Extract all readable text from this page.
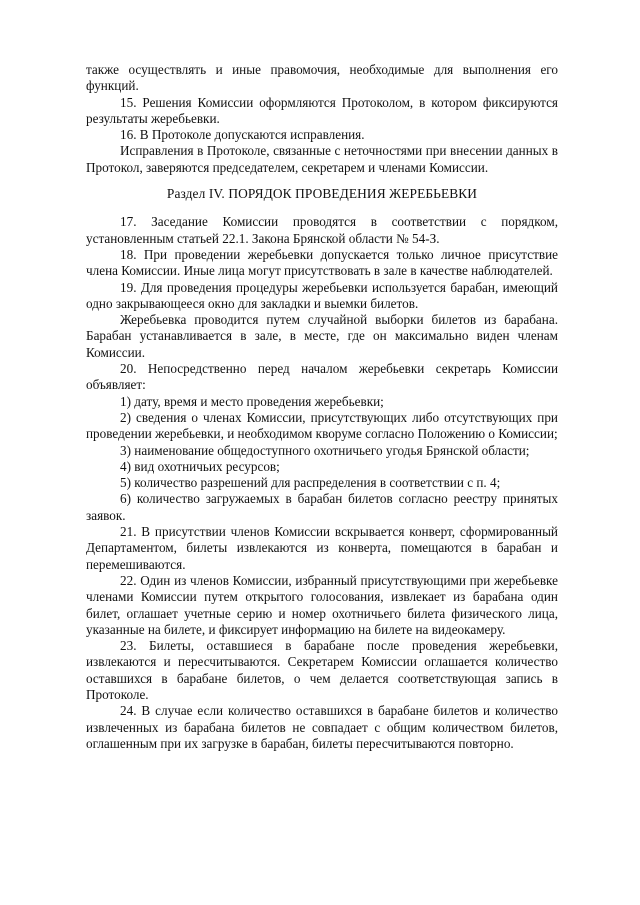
также осуществлять и иные правомочия, необходимые для выполнения его функций.

15. Решения Комиссии оформляются Протоколом, в котором фиксируются результаты жеребьевки.

16. В Протоколе допускаются исправления.

Исправления в Протоколе, связанные с неточностями при внесении данных в Протокол, заверяются председателем, секретарем и членами Комиссии.

Раздел IV. ПОРЯДОК ПРОВЕДЕНИЯ ЖЕРЕБЬЕВКИ

17. Заседание Комиссии проводятся в соответствии с порядком, установленным статьей 22.1. Закона Брянской области № 54-З.

18. При проведении жеребьевки допускается только личное присутствие члена Комиссии. Иные лица могут присутствовать в зале в качестве наблюдателей.

19. Для проведения процедуры жеребьевки используется барабан, имеющий одно закрывающееся окно для закладки и выемки билетов.

Жеребьевка проводится путем случайной выборки билетов из барабана. Барабан устанавливается в зале, в месте, где он максимально виден членам Комиссии.

20. Непосредственно перед началом жеребьевки секретарь Комиссии объявляет:

1) дату, время и место проведения жеребьевки;

2) сведения о членах Комиссии, присутствующих либо отсутствующих при проведении жеребьевки, и необходимом кворуме согласно Положению о Комиссии;

3) наименование общедоступного охотничьего угодья Брянской области;

4) вид охотничьих ресурсов;

5) количество разрешений для распределения в соответствии с п. 4;

6) количество загружаемых в барабан билетов согласно реестру принятых заявок.

21. В присутствии членов Комиссии вскрывается конверт, сформированный Департаментом, билеты извлекаются из конверта, помещаются в барабан и перемешиваются.

22. Один из членов Комиссии, избранный присутствующими при жеребьевке членами Комиссии путем открытого голосования, извлекает из барабана один билет, оглашает учетные серию и номер охотничьего билета физического лица, указанные на билете, и фиксирует информацию на билете на видеокамеру.

23. Билеты, оставшиеся в барабане после проведения жеребьевки, извлекаются и пересчитываются. Секретарем Комиссии оглашается количество оставшихся в барабане билетов, о чем делается соответствующая запись в Протоколе.

24. В случае если количество оставшихся в барабане билетов и количество извлеченных из барабана билетов не совпадает с общим количеством билетов, оглашенным при их загрузке в барабан, билеты пересчитываются повторно.
